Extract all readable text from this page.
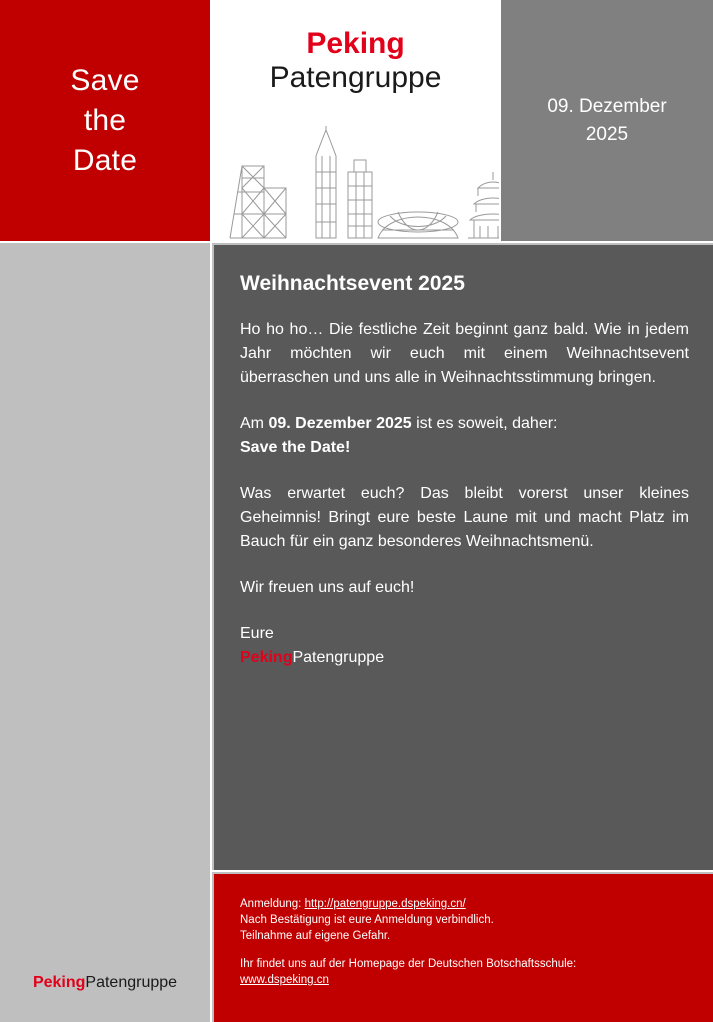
Save
the
Date
Peking
Patengruppe
09. Dezember
2025
PekingPatengruppe
Weihnachtsevent 2025

Ho ho ho… Die festliche Zeit beginnt ganz bald. Wie in jedem Jahr möchten wir euch mit einem Weihnachtsevent überraschen und uns alle in Weihnachtsstimmung bringen.

Am 09. Dezember 2025 ist es soweit, daher:
Save the Date!

Was erwartet euch? Das bleibt vorerst unser kleines Geheimnis! Bringt eure beste Laune mit und macht Platz im Bauch für ein ganz besonderes Weihnachtsmenü.

Wir freuen uns auf euch!

Eure
PekingPatengruppe

Anmeldung: http://patengruppe.dspeking.cn/
Nach Bestätigung ist eure Anmeldung verbindlich.
Teilnahme auf eigene Gefahr.
Ihr findet uns auf der Homepage der Deutschen Botschaftsschule:
www.dspeking.cn
